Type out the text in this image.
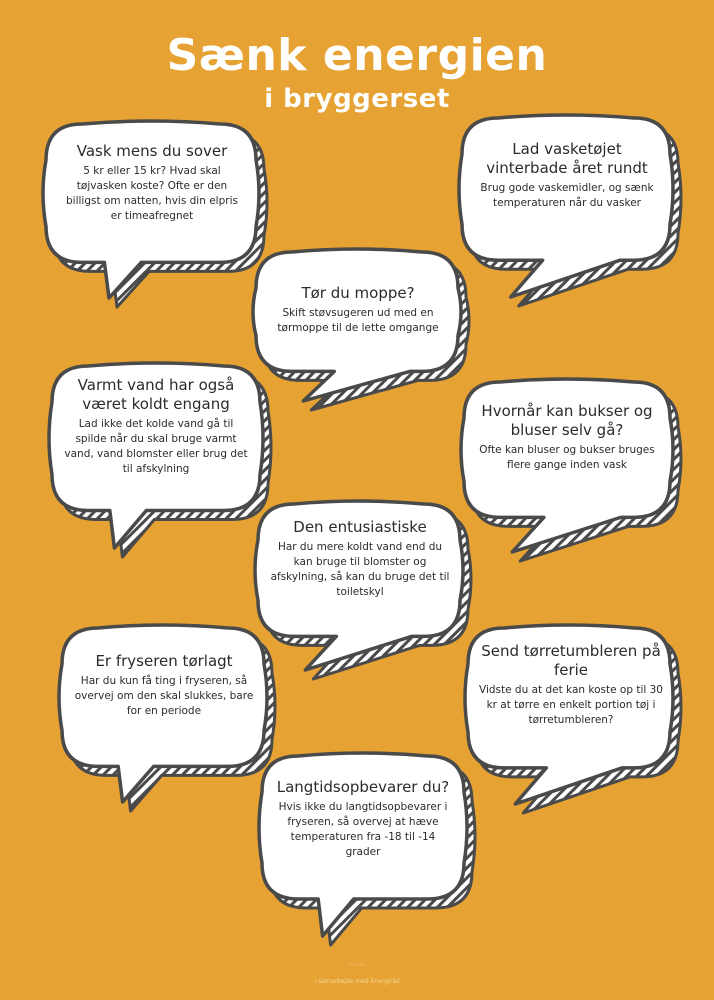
Sænk energien
i bryggerset
Vask mens du sover
5 kr eller 15 kr? Hvad skal tøjvasken koste? Ofte er den billigst om natten, hvis din elpris er timeafregnet
Lad vasketøjet vinterbade året rundt
Brug gode vaskemidler, og sænk temperaturen når du vasker
Tør du moppe?
Skift støvsugeren ud med en tørmoppe til de lette omgange
Varmt vand har også været koldt engang
Lad ikke det kolde vand gå til spilde når du skal bruge varmt vand, vand blomster eller brug det til afskylning
Hvornår kan bukser og bluser selv gå?
Ofte kan bluser og bukser bruges flere gange inden vask
Den entusiastiske
Har du mere koldt vand end du kan bruge til blomster og afskylning, så kan du bruge det til toiletskyl
Er fryseren tørlagt
Har du kun få ting i fryseren, så overvej om den skal slukkes, bare for en periode
Send tørretumbleren på ferie
Vidste du at det kan koste op til 30 kr at tørre en enkelt portion tøj i tørretumbleren?
Langtidsopbevarer du?
Hvis ikke du langtidsopbevarer i fryseren, så overvej at hæve temperaturen fra -18 til -14 grader
▭▭▭
I samarbejde med Energiråd
